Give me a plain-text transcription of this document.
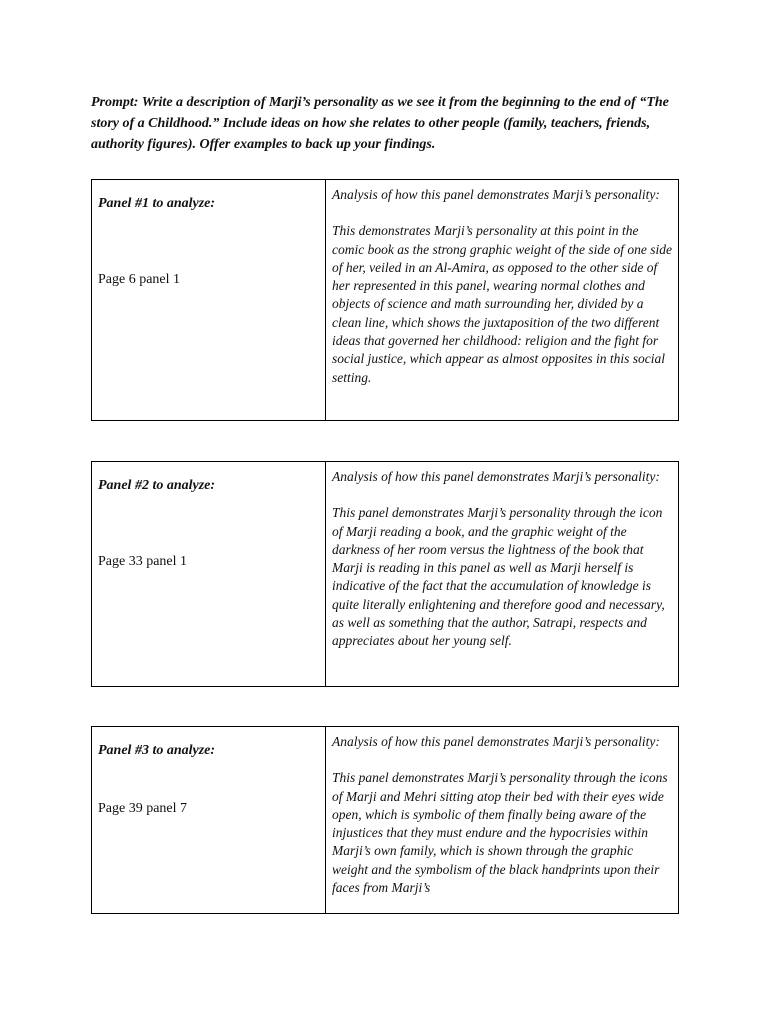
Prompt: Write a description of Marji’s personality as we see it from the beginning to the end of “The story of a Childhood.” Include ideas on how she relates to other people (family, teachers, friends, authority figures). Offer examples to back up your findings.

Panel #1 to analyze:
Page 6 panel 1

Analysis of how this panel demonstrates Marji’s personality:

This demonstrates Marji’s personality at this point in the comic book as the strong graphic weight of the side of one side of her, veiled in an Al-Amira, as opposed to the other side of her represented in this panel, wearing normal clothes and objects of science and math surrounding her, divided by a clean line, which shows the juxtaposition of the two different ideas that governed her childhood: religion and the fight for social justice, which appear as almost opposites in this social setting.

Panel #2 to analyze:
Page 33 panel 1

Analysis of how this panel demonstrates Marji’s personality:

This panel demonstrates Marji’s personality through the icon of Marji reading a book, and the graphic weight of the darkness of her room versus the lightness of the book that Marji is reading in this panel as well as Marji herself is indicative of the fact that the accumulation of knowledge is quite literally enlightening and therefore good and necessary, as well as something that the author, Satrapi, respects and appreciates about her young self.

Panel #3 to analyze:
Page 39 panel 7

Analysis of how this panel demonstrates Marji’s personality:

This panel demonstrates Marji’s personality through the icons of Marji and Mehri sitting atop their bed with their eyes wide open, which is symbolic of them finally being aware of the injustices that they must endure and the hypocrisies within Marji’s own family, which is shown through the graphic weight and the symbolism of the black handprints upon their faces from Marji’s
